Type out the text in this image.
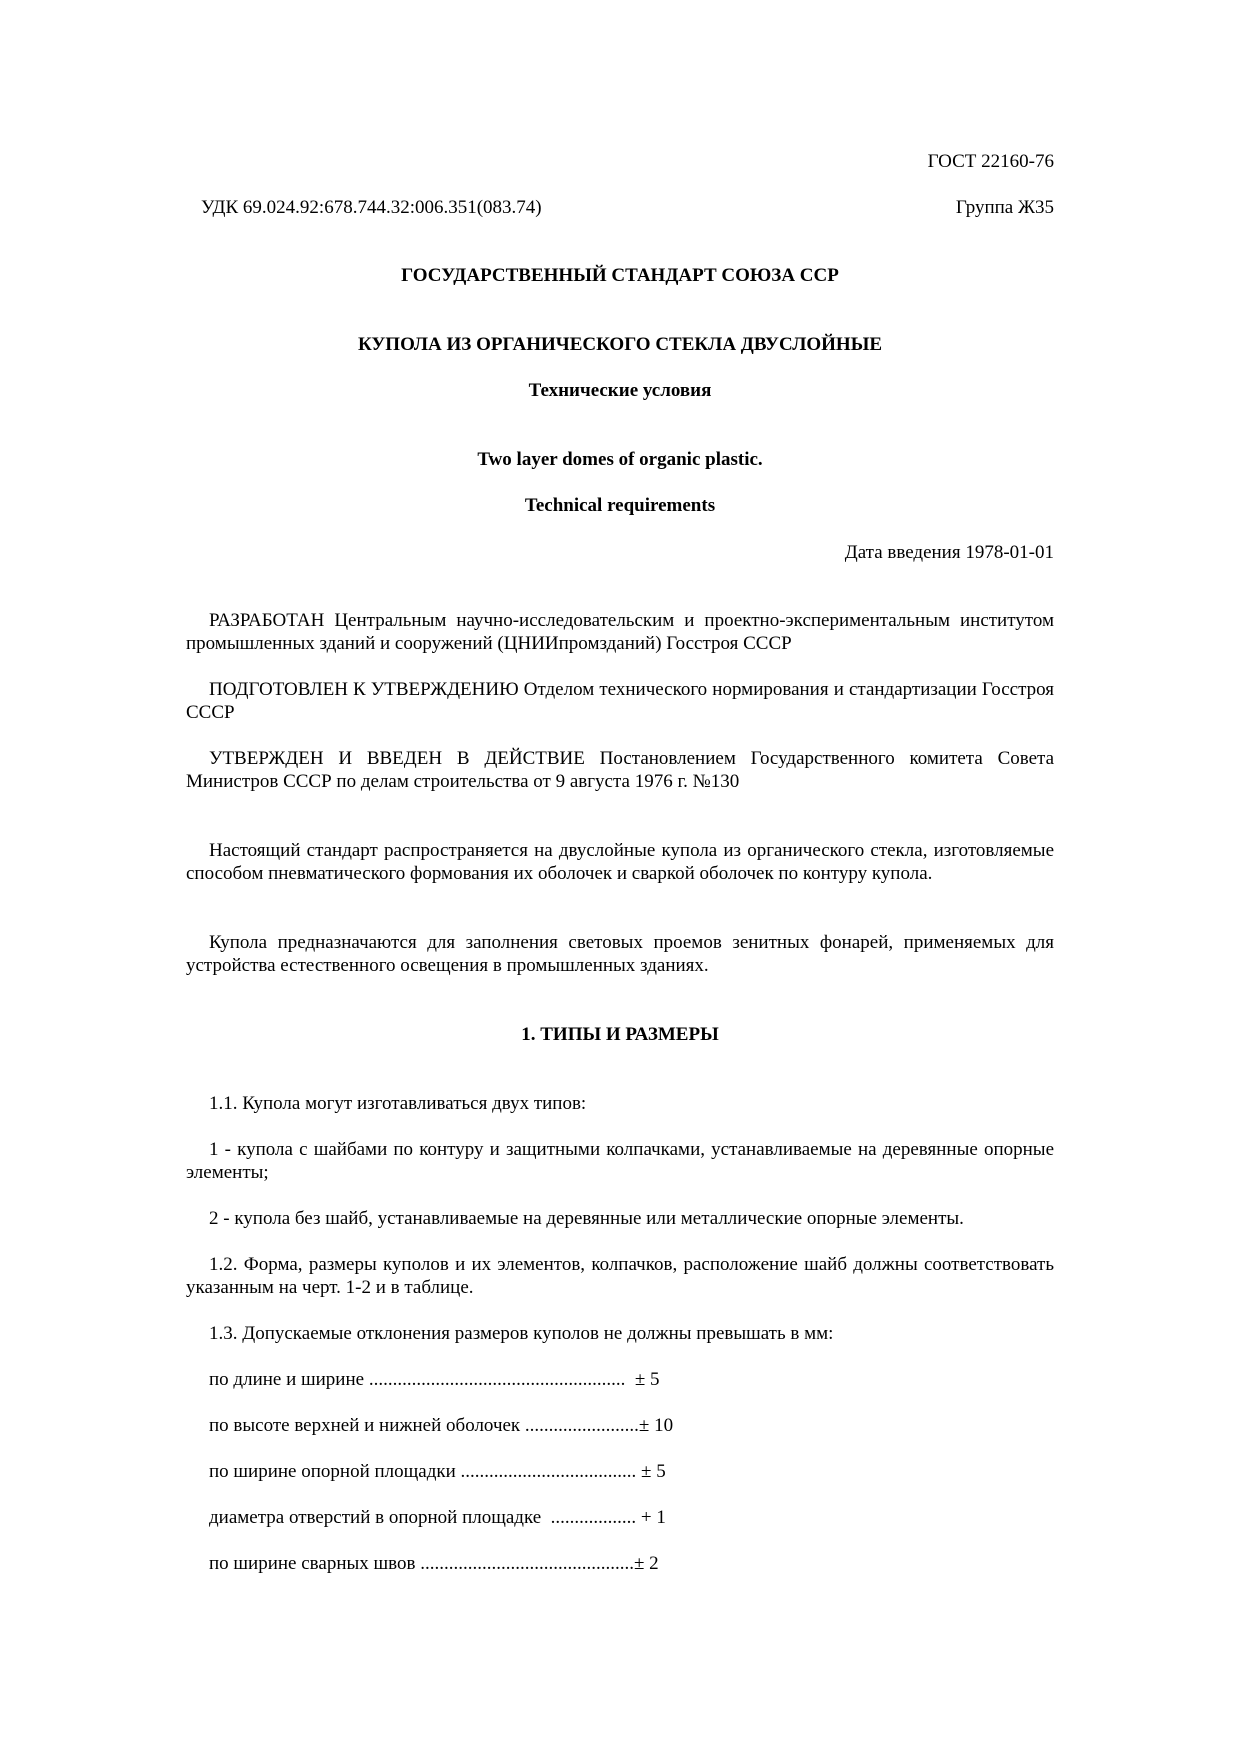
ГОСТ 22160-76
УДК 69.024.92:678.744.32:006.351(083.74)	Группа Ж35
ГОСУДАРСТВЕННЫЙ СТАНДАРТ СОЮЗА ССР
КУПОЛА ИЗ ОРГАНИЧЕСКОГО СТЕКЛА ДВУСЛОЙНЫЕ
Технические условия
Two layer domes of organic plastic.
Technical requirements
Дата введения 1978-01-01

РАЗРАБОТАН Центральным научно-исследовательским и проектно-экспериментальным институтом промышленных зданий и сооружений (ЦНИИпромзданий) Госстроя СССР

ПОДГОТОВЛЕН К УТВЕРЖДЕНИЮ Отделом технического нормирования и стандартизации Госстроя СССР

УТВЕРЖДЕН И ВВЕДЕН В ДЕЙСТВИЕ Постановлением Государственного комитета Совета Министров СССР по делам строительства от 9 августа 1976 г. №130

Настоящий стандарт распространяется на двуслойные купола из органического стекла, изготовляемые способом пневматического формования их оболочек и сваркой оболочек по контуру купола.

Купола предназначаются для заполнения световых проемов зенитных фонарей, применяемых для устройства естественного освещения в промышленных зданиях.

1. ТИПЫ И РАЗМЕРЫ

1.1. Купола могут изготавливаться двух типов:

1 - купола с шайбами по контуру и защитными колпачками, устанавливаемые на деревянные опорные элементы;

2 - купола без шайб, устанавливаемые на деревянные или металлические опорные элементы.

1.2. Форма, размеры куполов и их элементов, колпачков, расположение шайб должны соответствовать указанным на черт. 1-2 и в таблице.

1.3. Допускаемые отклонения размеров куполов не должны превышать в мм:

по длине и ширине ......................................................  ± 5
по высоте верхней и нижней оболочек ........................± 10
по ширине опорной площадки ..................................... ± 5
диаметра отверстий в опорной площадке  .................. + 1
по ширине сварных швов .............................................± 2
